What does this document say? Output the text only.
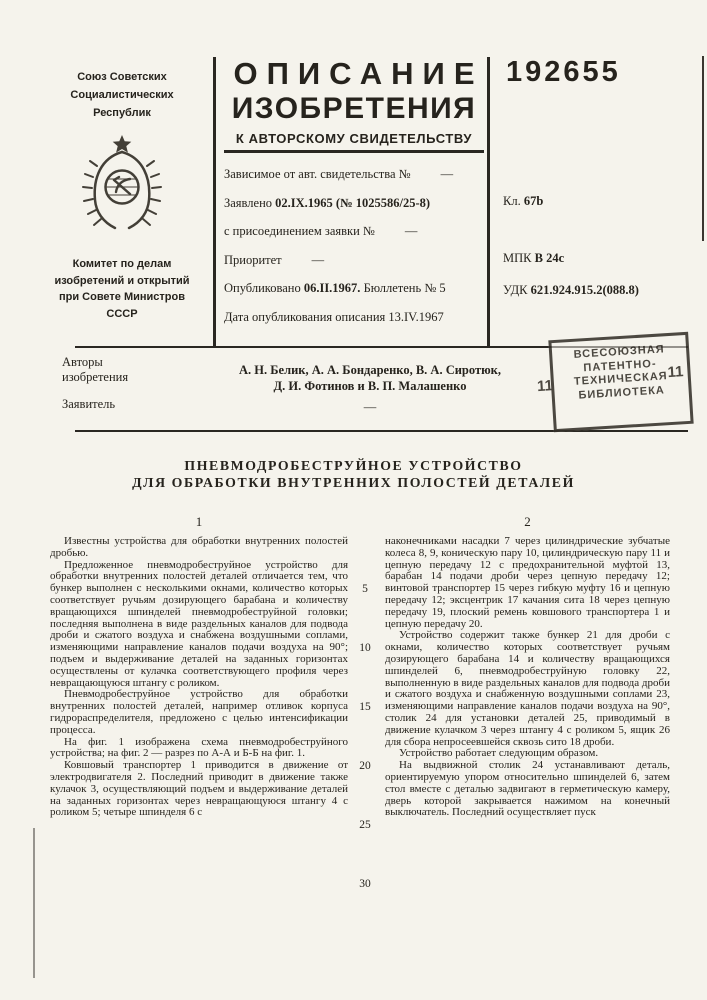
Союз Советских
Социалистических
Республик
Комитет по делам
изобретений и открытий
при Совете Министров
СССР
ОПИСАНИЕ
ИЗОБРЕТЕНИЯ
К АВТОРСКОМУ СВИДЕТЕЛЬСТВУ

Зависимое от авт. свидетельства № —

Заявлено 02.IX.1965 (№ 1025586/25-8)

с присоединением заявки № —

Приоритет —

Опубликовано 06.II.1967. Бюллетень № 5

Дата опубликования описания 13.IV.1967

192655
Кл. 67b
МПК В 24с
УДК 621.924.915.2(088.8)
Авторы
изобретения	А. Н. Белик, А. А. Бондаренко, В. А. Сиротюк,
Д. И. Фотинов и В. П. Малашенко
Заявитель	—
ВСЕСОЮЗНАЯ
ПАТЕНТНО-
ТЕХНИЧЕСКАЯ
БИБЛИОТЕКА
11
11
ПНЕВМОДРОБЕСТРУЙНОЕ УСТРОЙСТВО
ДЛЯ ОБРАБОТКИ ВНУТРЕННИХ ПОЛОСТЕЙ ДЕТАЛЕЙ
1

Известны устройства для обработки внутренних полостей дробью.

Предложенное пневмодробеструйное устройство для обработки внутренних полостей деталей отличается тем, что бункер выполнен с несколькими окнами, количество которых соответствует ручьям дозирующего барабана и количеству вращающихся шпинделей пневмодробеструйной головки; последняя выполнена в виде раздельных каналов для подвода дроби и сжатого воздуха и снабжена воздушными соплами, изменяющими направление каналов подачи воздуха на 90°; подъем и выдерживание деталей на заданных горизонтах осуществлены от кулачка соответствующего профиля через невращающуюся штангу с роликом.

Пневмодробеструйное устройство для обработки внутренних полостей деталей, например отливок корпуса гидрораспределителя, предложено с целью интенсификации процесса.

На фиг. 1 изображена схема пневмодробеструйного устройства; на фиг. 2 — разрез по А-А и Б-Б на фиг. 1.

Ковшовый транспортер 1 приводится в движение от электродвигателя 2. Последний приводит в движение также кулачок 3, осуществляющий подъем и выдерживание деталей на заданных горизонтах через невращающуюся штангу 4 с роликом 5; четыре шпинделя 6 с

5
10
15
20
25
30
2

наконечниками насадки 7 через цилиндрические зубчатые колеса 8, 9, коническую пару 10, цилиндрическую пару 11 и цепную передачу 12 с предохранительной муфтой 13, барабан 14 подачи дроби через цепную передачу 12; винтовой транспортер 15 через гибкую муфту 16 и цепную передачу 12; эксцентрик 17 качания сита 18 через цепную передачу 19, плоский ремень ковшового транспортера 1 и цепную передачу 20.

Устройство содержит также бункер 21 для дроби с окнами, количество которых соответствует ручьям дозирующего барабана 14 и количеству вращающихся шпинделей 6, пневмодробеструйную головку 22, выполненную в виде раздельных каналов для подвода дроби и сжатого воздуха и снабженную воздушными соплами 23, изменяющими направление каналов подачи воздуха на 90°, столик 24 для установки деталей 25, приводимый в движение кулачком 3 через штангу 4 с роликом 5, ящик 26 для сбора непросеевшейся сквозь сито 18 дроби.

Устройство работает следующим образом.

На выдвижной столик 24 устанавливают деталь, ориентируемую упором относительно шпинделей 6, затем стол вместе с деталью задвигают в герметическую камеру, дверь которой закрывается нажимом на конечный выключатель. Последний осуществляет пуск
